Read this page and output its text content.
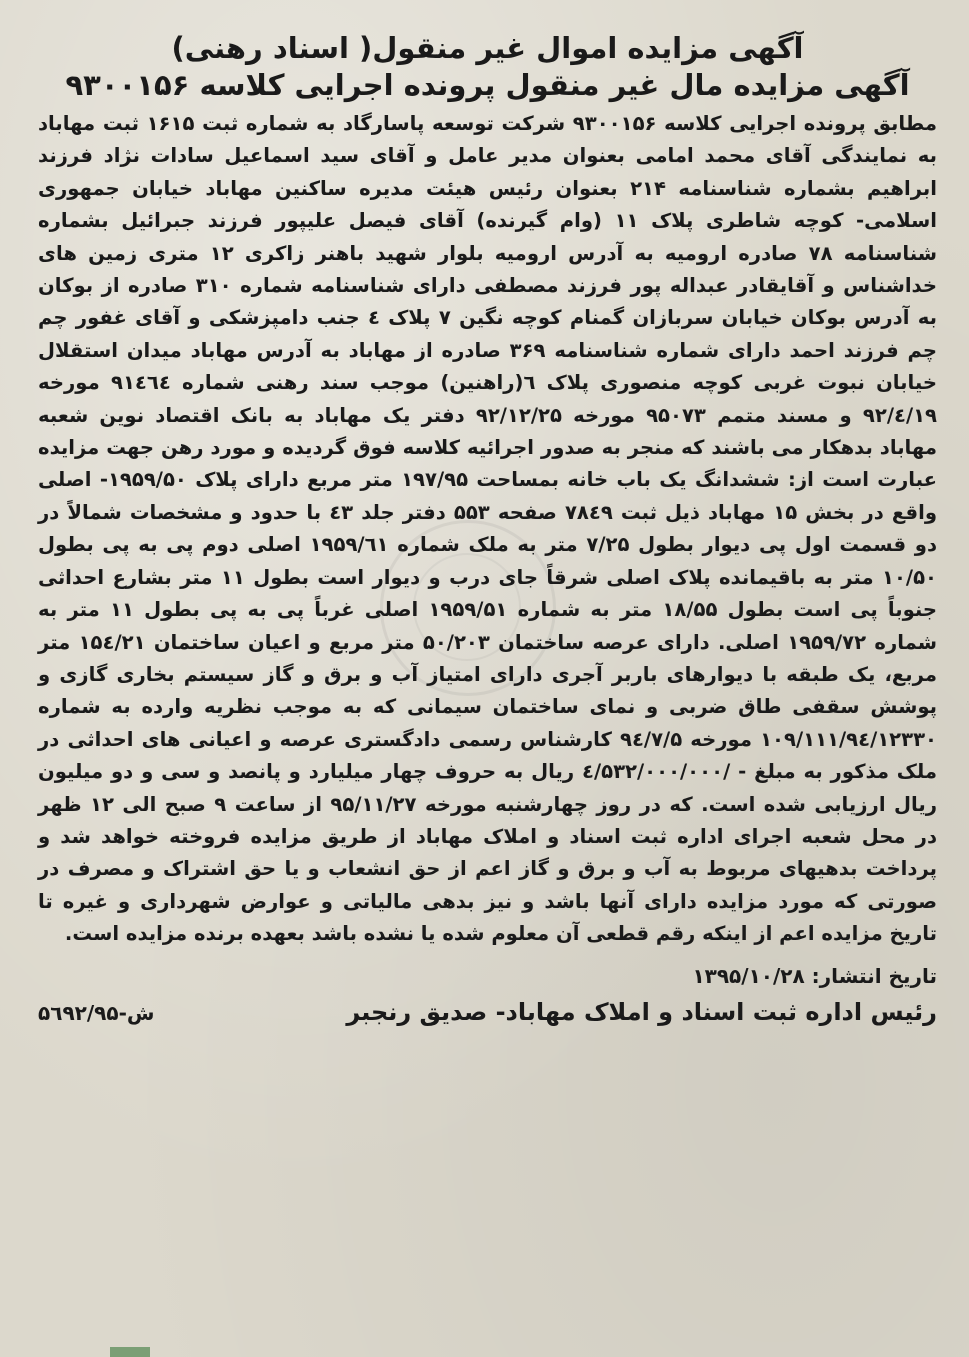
آگهی مزایده اموال غیر منقول( اسناد رهنی)
آگهی مزایده مال غیر منقول پرونده اجرایی کلاسه ۹۳۰۰۱۵۶

مطابق پرونده اجرایی کلاسه ۹۳۰۰۱۵۶ شرکت توسعه پاسارگاد به شماره ثبت ۱۶۱۵ ثبت مهاباد به نمایندگی آقای محمد امامی بعنوان مدیر عامل و آقای سید اسماعیل سادات نژاد فرزند ابراهیم بشماره شناسنامه ۲۱۴ بعنوان رئیس هیئت مدیره ساکنین مهاباد خیابان جمهوری اسلامی- کوچه شاطری پلاک ۱۱ (وام گیرنده) آقای فیصل علیپور فرزند جبرائیل بشماره شناسنامه ۷۸ صادره ارومیه به آدرس ارومیه بلوار شهید باهنر زاکری ۱۲ متری زمین های خداشناس و آقایقادر عبداله پور فرزند مصطفی دارای شناسنامه شماره ۳۱۰ صادره از بوکان به آدرس بوکان خیابان سربازان گمنام کوچه نگین ۷ پلاک ٤ جنب دامپزشکی و آقای غفور چم چم فرزند احمد دارای شماره شناسنامه ۳۶۹ صادره از مهاباد به آدرس مهاباد میدان استقلال خیابان نبوت غربی کوچه منصوری پلاک ٦(راهنین) موجب سند رهنی شماره ۹۱٤٦٤ مورخه ۹۲/٤/۱۹ و مسند متمم ۹۵۰۷۳ مورخه ۹۲/۱۲/۲۵ دفتر یک مهاباد به بانک اقتصاد نوین شعبه مهاباد بدهکار می باشند که منجر به صدور اجرائیه کلاسه فوق گردیده و مورد رهن جهت مزایده عبارت است از: ششدانگ یک باب خانه بمساحت ۱۹۷/۹۵ متر مربع دارای پلاک ۱۹۵۹/۵۰- اصلی واقع در بخش ۱۵ مهاباد ذیل ثبت ۷۸٤۹ صفحه ۵۵۳ دفتر جلد ٤۳ با حدود و مشخصات شمالاً در دو قسمت اول پی دیوار بطول ۷/۲۵ متر به ملک شماره ۱۹۵۹/٦۱ اصلی دوم پی به پی بطول ۱۰/۵۰ متر به باقیمانده پلاک اصلی شرقاً جای درب و دیوار است بطول ۱۱ متر بشارع احداثی جنوباً پی است بطول ۱۸/۵۵ متر به شماره ۱۹۵۹/۵۱ اصلی غرباً پی به پی بطول ۱۱ متر به شماره ۱۹۵۹/۷۲ اصلی. دارای عرصه ساختمان ۵۰/۲۰۳ متر مربع و اعیان ساختمان ۱۵٤/۲۱ متر مربع، یک طبقه با دیوارهای باربر آجری دارای امتیاز آب و برق و گاز سیستم بخاری گازی و پوشش سقفی طاق ضربی و نمای ساختمان سیمانی که به موجب نظریه وارده به شماره ۱۰۹/۱۱۱/۹٤/۱۲۳۳۰ مورخه ۹٤/۷/۵ کارشناس رسمی دادگستری عرصه و اعیانی های احداثی در ملک مذکور به مبلغ - /٤/۵۳۲/۰۰۰/۰۰۰ ریال به حروف چهار میلیارد و پانصد و سی و دو میلیون ریال ارزیابی شده است. که در روز چهارشنبه مورخه ۹۵/۱۱/۲۷ از ساعت ۹ صبح الی ۱۲ ظهر در محل شعبه اجرای اداره ثبت اسناد و املاک مهاباد از طریق مزایده فروخته خواهد شد و پرداخت بدهیهای مربوط به آب و برق و گاز اعم از حق انشعاب و یا حق اشتراک و مصرف در صورتی که مورد مزایده دارای آنها باشد و نیز بدهی مالیاتی و عوارض شهرداری و غیره تا تاریخ مزایده اعم از اینکه رقم قطعی آن معلوم شده یا نشده باشد بعهده برنده مزایده است.

تاریخ انتشار: ۱۳۹۵/۱۰/۲۸
رئیس اداره ثبت اسناد و املاک مهاباد- صدیق رنجبر
۵٦۹۲/۹۵-ش
